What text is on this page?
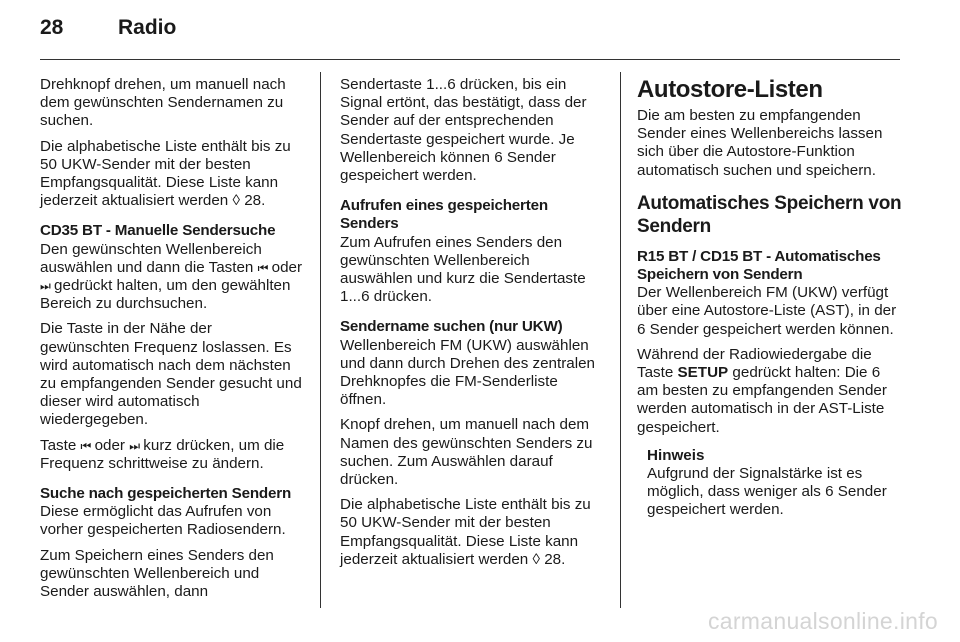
28	Radio

Drehknopf drehen, um manuell nach dem gewünschten Sendernamen zu suchen.

Die alphabetische Liste enthält bis zu 50 UKW-Sender mit der besten Empfangsqualität. Diese Liste kann jederzeit aktualisiert werden ◊ 28.

CD35 BT - Manuelle Sendersuche

Den gewünschten Wellenbereich auswählen und dann die Tasten ⏮ oder ⏭ gedrückt halten, um den gewählten Bereich zu durchsuchen.

Die Taste in der Nähe der gewünschten Frequenz loslassen. Es wird automatisch nach dem nächsten zu empfangenden Sender gesucht und dieser wird automatisch wiedergegeben.

Taste ⏮ oder ⏭ kurz drücken, um die Frequenz schrittweise zu ändern.

Suche nach gespeicherten Sendern

Diese ermöglicht das Aufrufen von vorher gespeicherten Radiosendern.

Zum Speichern eines Senders den gewünschten Wellenbereich und Sender auswählen, dann

Sendertaste 1...6 drücken, bis ein Signal ertönt, das bestätigt, dass der Sender auf der entsprechenden Sendertaste gespeichert wurde. Je Wellenbereich können 6 Sender gespeichert werden.

Aufrufen eines gespeicherten Senders

Zum Aufrufen eines Senders den gewünschten Wellenbereich auswählen und kurz die Sendertaste 1...6 drücken.

Sendername suchen (nur UKW)

Wellenbereich FM (UKW) auswählen und dann durch Drehen des zentralen Drehknopfes die FM-Senderliste öffnen.

Knopf drehen, um manuell nach dem Namen des gewünschten Senders zu suchen. Zum Auswählen darauf drücken.

Die alphabetische Liste enthält bis zu 50 UKW-Sender mit der besten Empfangsqualität. Diese Liste kann jederzeit aktualisiert werden ◊ 28.

Autostore-Listen

Die am besten zu empfangenden Sender eines Wellenbereichs lassen sich über die Autostore-Funktion automatisch suchen und speichern.

Automatisches Speichern von Sendern

R15 BT / CD15 BT - Automatisches Speichern von Sendern

Der Wellenbereich FM (UKW) verfügt über eine Autostore-Liste (AST), in der 6 Sender gespeichert werden können.

Während der Radiowiedergabe die Taste SETUP gedrückt halten: Die 6 am besten zu empfangenden Sender werden automatisch in der AST-Liste gespeichert.

Hinweis
Aufgrund der Signalstärke ist es möglich, dass weniger als 6 Sender gespeichert werden.
carmanualsonline.info
